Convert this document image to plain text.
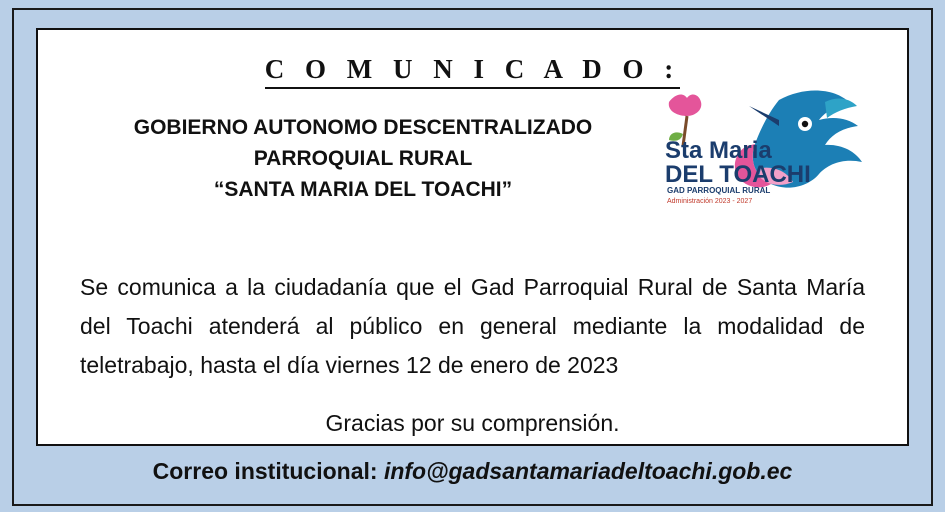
C O M U N I C A D O :
GOBIERNO AUTONOMO DESCENTRALIZADO
PARROQUIAL RURAL
“SANTA MARIA DEL TOACHI”
Sta Maria
DEL TOACHI
GAD PARROQUIAL RURAL
Administración 2023 - 2027

Se comunica a la ciudadanía que el Gad Parroquial Rural de Santa María del Toachi atenderá al público en general mediante la modalidad de teletrabajo, hasta el día viernes 12 de enero de 2023

Gracias por su comprensión.
Correo institucional: info@gadsantamariadeltoachi.gob.ec
